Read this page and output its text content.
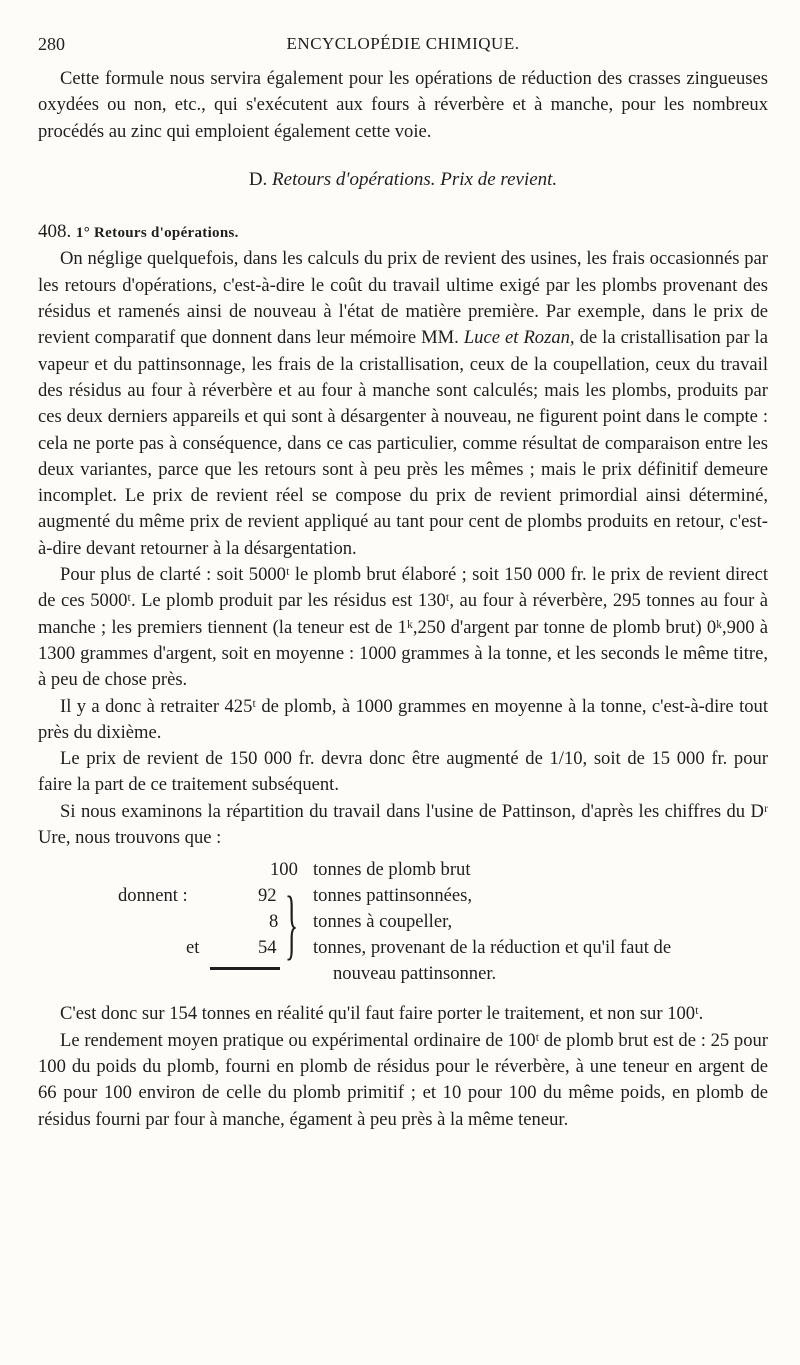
280	ENCYCLOPÉDIE CHIMIQUE.

Cette formule nous servira également pour les opérations de réduction des crasses zingueuses oxydées ou non, etc., qui s'exécutent aux fours à réverbère et à manche, pour les nombreux procédés au zinc qui emploient également cette voie.

D. Retours d'opérations. Prix de revient.

408. 1° Retours d'opérations.

On néglige quelquefois, dans les calculs du prix de revient des usines, les frais occasionnés par les retours d'opérations, c'est-à-dire le coût du travail ultime exigé par les plombs provenant des résidus et ramenés ainsi de nouveau à l'état de matière première. Par exemple, dans le prix de revient comparatif que donnent dans leur mémoire MM. Luce et Rozan, de la cristallisation par la vapeur et du pattinsonnage, les frais de la cristallisation, ceux de la coupellation, ceux du travail des résidus au four à réverbère et au four à manche sont calculés; mais les plombs, produits par ces deux derniers appareils et qui sont à désargenter à nouveau, ne figurent point dans le compte : cela ne porte pas à conséquence, dans ce cas particulier, comme résultat de comparaison entre les deux variantes, parce que les retours sont à peu près les mêmes ; mais le prix définitif demeure incomplet. Le prix de revient réel se compose du prix de revient primordial ainsi déterminé, augmenté du même prix de revient appliqué au tant pour cent de plombs produits en retour, c'est-à-dire devant retourner à la désargentation.

Pour plus de clarté : soit 5000ᵗ le plomb brut élaboré ; soit 150 000 fr. le prix de revient direct de ces 5000ᵗ. Le plomb produit par les résidus est 130ᵗ, au four à réverbère, 295 tonnes au four à manche ; les premiers tiennent (la teneur est de 1ᵏ,250 d'argent par tonne de plomb brut) 0ᵏ,900 à 1300 grammes d'argent, soit en moyenne : 1000 grammes à la tonne, et les seconds le même titre, à peu de chose près.

Il y a donc à retraiter 425ᵗ de plomb, à 1000 grammes en moyenne à la tonne, c'est-à-dire tout près du dixième.

Le prix de revient de 150 000 fr. devra donc être augmenté de 1/10, soit de 15 000 fr. pour faire la part de ce traitement subséquent.

Si nous examinons la répartition du travail dans l'usine de Pattinson, d'après les chiffres du Dʳ Ure, nous trouvons que :

100 tonnes de plomb brut
donnent :	92 tonnes pattinsonnées,
8 tonnes à coupeller,
et	54 tonnes, provenant de la réduction et qu'il faut de
nouveau pattinsonner.
}

C'est donc sur 154 tonnes en réalité qu'il faut faire porter le traitement, et non sur 100ᵗ.

Le rendement moyen pratique ou expérimental ordinaire de 100ᵗ de plomb brut est de : 25 pour 100 du poids du plomb, fourni en plomb de résidus pour le réverbère, à une teneur en argent de 66 pour 100 environ de celle du plomb primitif ; et 10 pour 100 du même poids, en plomb de résidus fourni par four à manche, égament à peu près à la même teneur.
